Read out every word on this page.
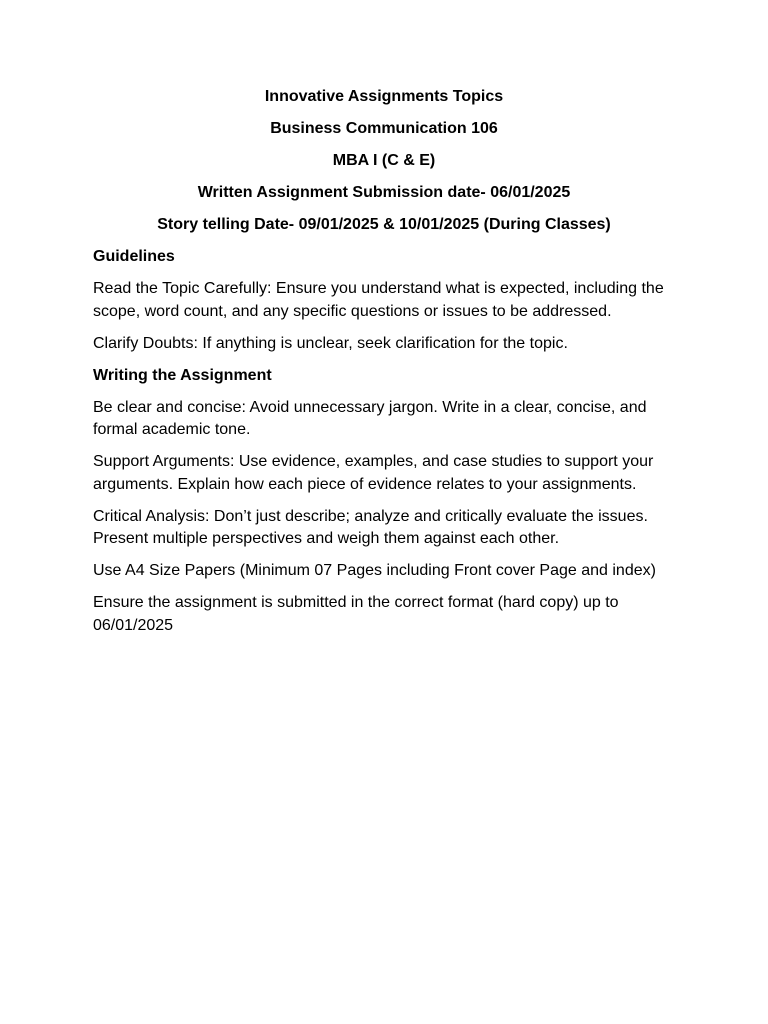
Innovative Assignments Topics

Business Communication 106

MBA I (C & E)

Written Assignment Submission date- 06/01/2025

Story telling Date- 09/01/2025 & 10/01/2025 (During Classes)

Guidelines

Read the Topic Carefully: Ensure you understand what is expected, including the scope, word count, and any specific questions or issues to be addressed.

Clarify Doubts: If anything is unclear, seek clarification for the topic.

Writing the Assignment

Be clear and concise: Avoid unnecessary jargon. Write in a clear, concise, and formal academic tone.

Support Arguments: Use evidence, examples, and case studies to support your arguments. Explain how each piece of evidence relates to your assignments.

Critical Analysis: Don’t just describe; analyze and critically evaluate the issues. Present multiple perspectives and weigh them against each other.

Use A4 Size Papers (Minimum 07 Pages including Front cover Page and index)

Ensure the assignment is submitted in the correct format (hard copy) up to 06/01/2025
